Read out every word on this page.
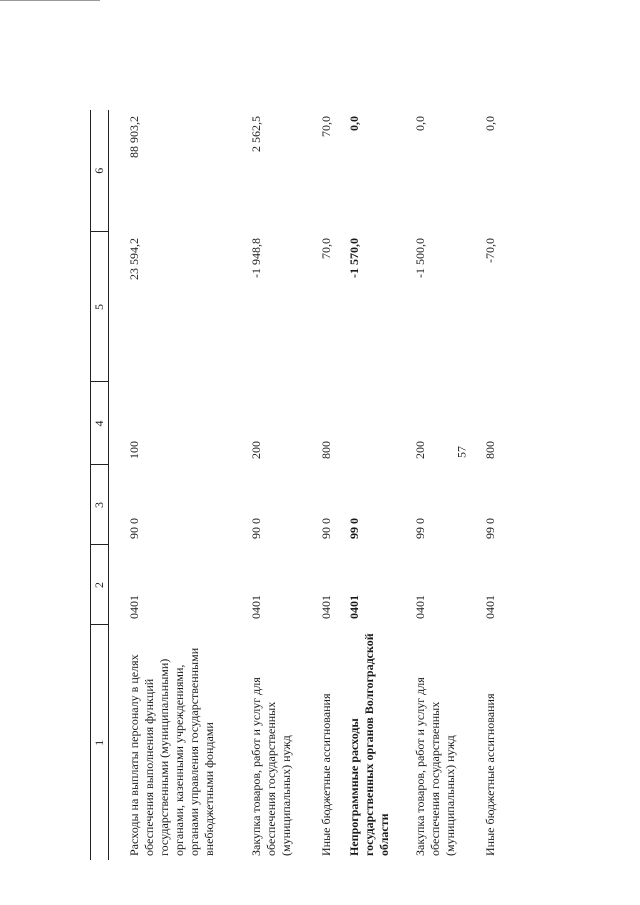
57
1	2	3	4	5	6
Расходы на выплаты персоналу в целях обеспечения выполнения функций государственными (муниципальными) органами, казенными учреждениями, органами управления государственными внебюджетными фондами	0401	90 0	100	23 594,2	88 903,2
Закупка товаров, работ и услуг для обеспечения государственных (муниципальных) нужд	0401	90 0	200	-1 948,8	2 562,5
Иные бюджетные ассигнования	0401	90 0	800	70,0	70,0
Непрограммные расходы государственных органов Волгоградской области	0401	99 0		-1 570,0	0,0
Закупка товаров, работ и услуг для обеспечения государственных (муниципальных) нужд	0401	99 0	200	-1 500,0	0,0
Иные бюджетные ассигнования	0401	99 0	800	-70,0	0,0
